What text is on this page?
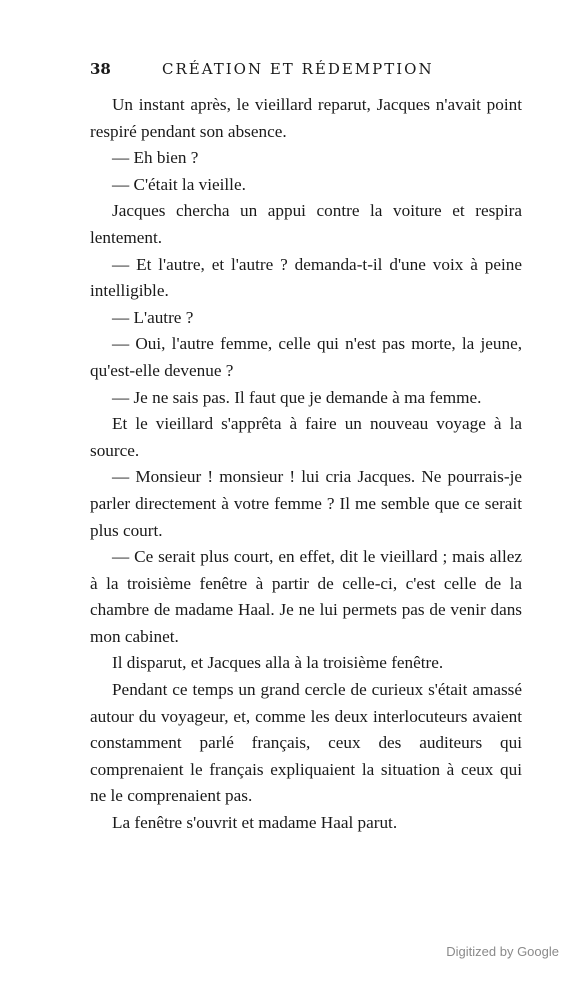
38	CRÉATION ET RÉDEMPTION

Un instant après, le vieillard reparut, Jacques n'avait point respiré pendant son absence.

— Eh bien ?

— C'était la vieille.

Jacques chercha un appui contre la voiture et respira lentement.

— Et l'autre, et l'autre ? demanda-t-il d'une voix à peine intelligible.

— L'autre ?

— Oui, l'autre femme, celle qui n'est pas morte, la jeune, qu'est-elle devenue ?

— Je ne sais pas. Il faut que je demande à ma femme.

Et le vieillard s'apprêta à faire un nouveau voyage à la source.

— Monsieur ! monsieur ! lui cria Jacques. Ne pourrais-je parler directement à votre femme ? Il me semble que ce serait plus court.

— Ce serait plus court, en effet, dit le vieillard ; mais allez à la troisième fenêtre à partir de celle-ci, c'est celle de la chambre de madame Haal. Je ne lui permets pas de venir dans mon cabinet.

Il disparut, et Jacques alla à la troisième fenêtre.

Pendant ce temps un grand cercle de curieux s'était amassé autour du voyageur, et, comme les deux interlocuteurs avaient constamment parlé français, ceux des auditeurs qui comprenaient le français expliquaient la situation à ceux qui ne le comprenaient pas.

La fenêtre s'ouvrit et madame Haal parut.

Digitized by Google
